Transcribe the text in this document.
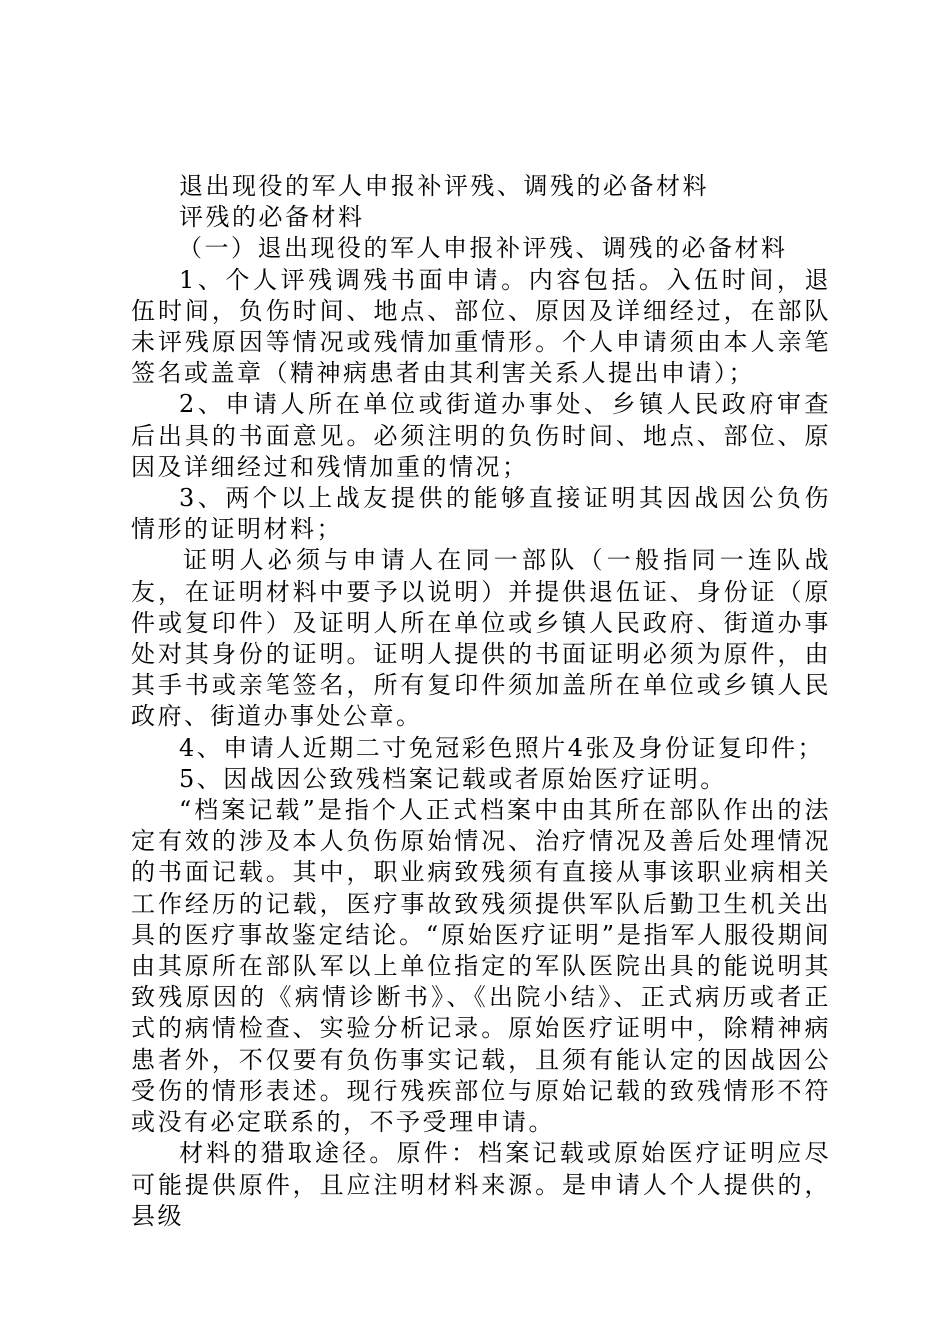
退出现役的军人申报补评残、调残的必备材料

评残的必备材料

（一）退出现役的军人申报补评残、调残的必备材料

1、个人评残调残书面申请。内容包括。入伍时间，退伍时间，负伤时间、地点、部位、原因及详细经过，在部队未评残原因等情况或残情加重情形。个人申请须由本人亲笔签名或盖章（精神病患者由其利害关系人提出申请）；

2、申请人所在单位或街道办事处、乡镇人民政府审查后出具的书面意见。必须注明的负伤时间、地点、部位、原因及详细经过和残情加重的情况；

3、两个以上战友提供的能够直接证明其因战因公负伤情形的证明材料；

证明人必须与申请人在同一部队（一般指同一连队战友，在证明材料中要予以说明）并提供退伍证、身份证（原件或复印件）及证明人所在单位或乡镇人民政府、街道办事处对其身份的证明。证明人提供的书面证明必须为原件，由其手书或亲笔签名，所有复印件须加盖所在单位或乡镇人民政府、街道办事处公章。

4、申请人近期二寸免冠彩色照片4张及身份证复印件；

5、因战因公致残档案记载或者原始医疗证明。

“档案记载”是指个人正式档案中由其所在部队作出的法定有效的涉及本人负伤原始情况、治疗情况及善后处理情况的书面记载。其中，职业病致残须有直接从事该职业病相关工作经历的记载，医疗事故致残须提供军队后勤卫生机关出具的医疗事故鉴定结论。“原始医疗证明”是指军人服役期间由其原所在部队军以上单位指定的军队医院出具的能说明其致残原因的《病情诊断书》、《出院小结》、正式病历或者正式的病情检查、实验分析记录。原始医疗证明中，除精神病患者外，不仅要有负伤事实记载，且须有能认定的因战因公受伤的情形表述。现行残疾部位与原始记载的致残情形不符或没有必定联系的，不予受理申请。

材料的猎取途径。原件：档案记载或原始医疗证明应尽可能提供原件，且应注明材料来源。是申请人个人提供的，县级
